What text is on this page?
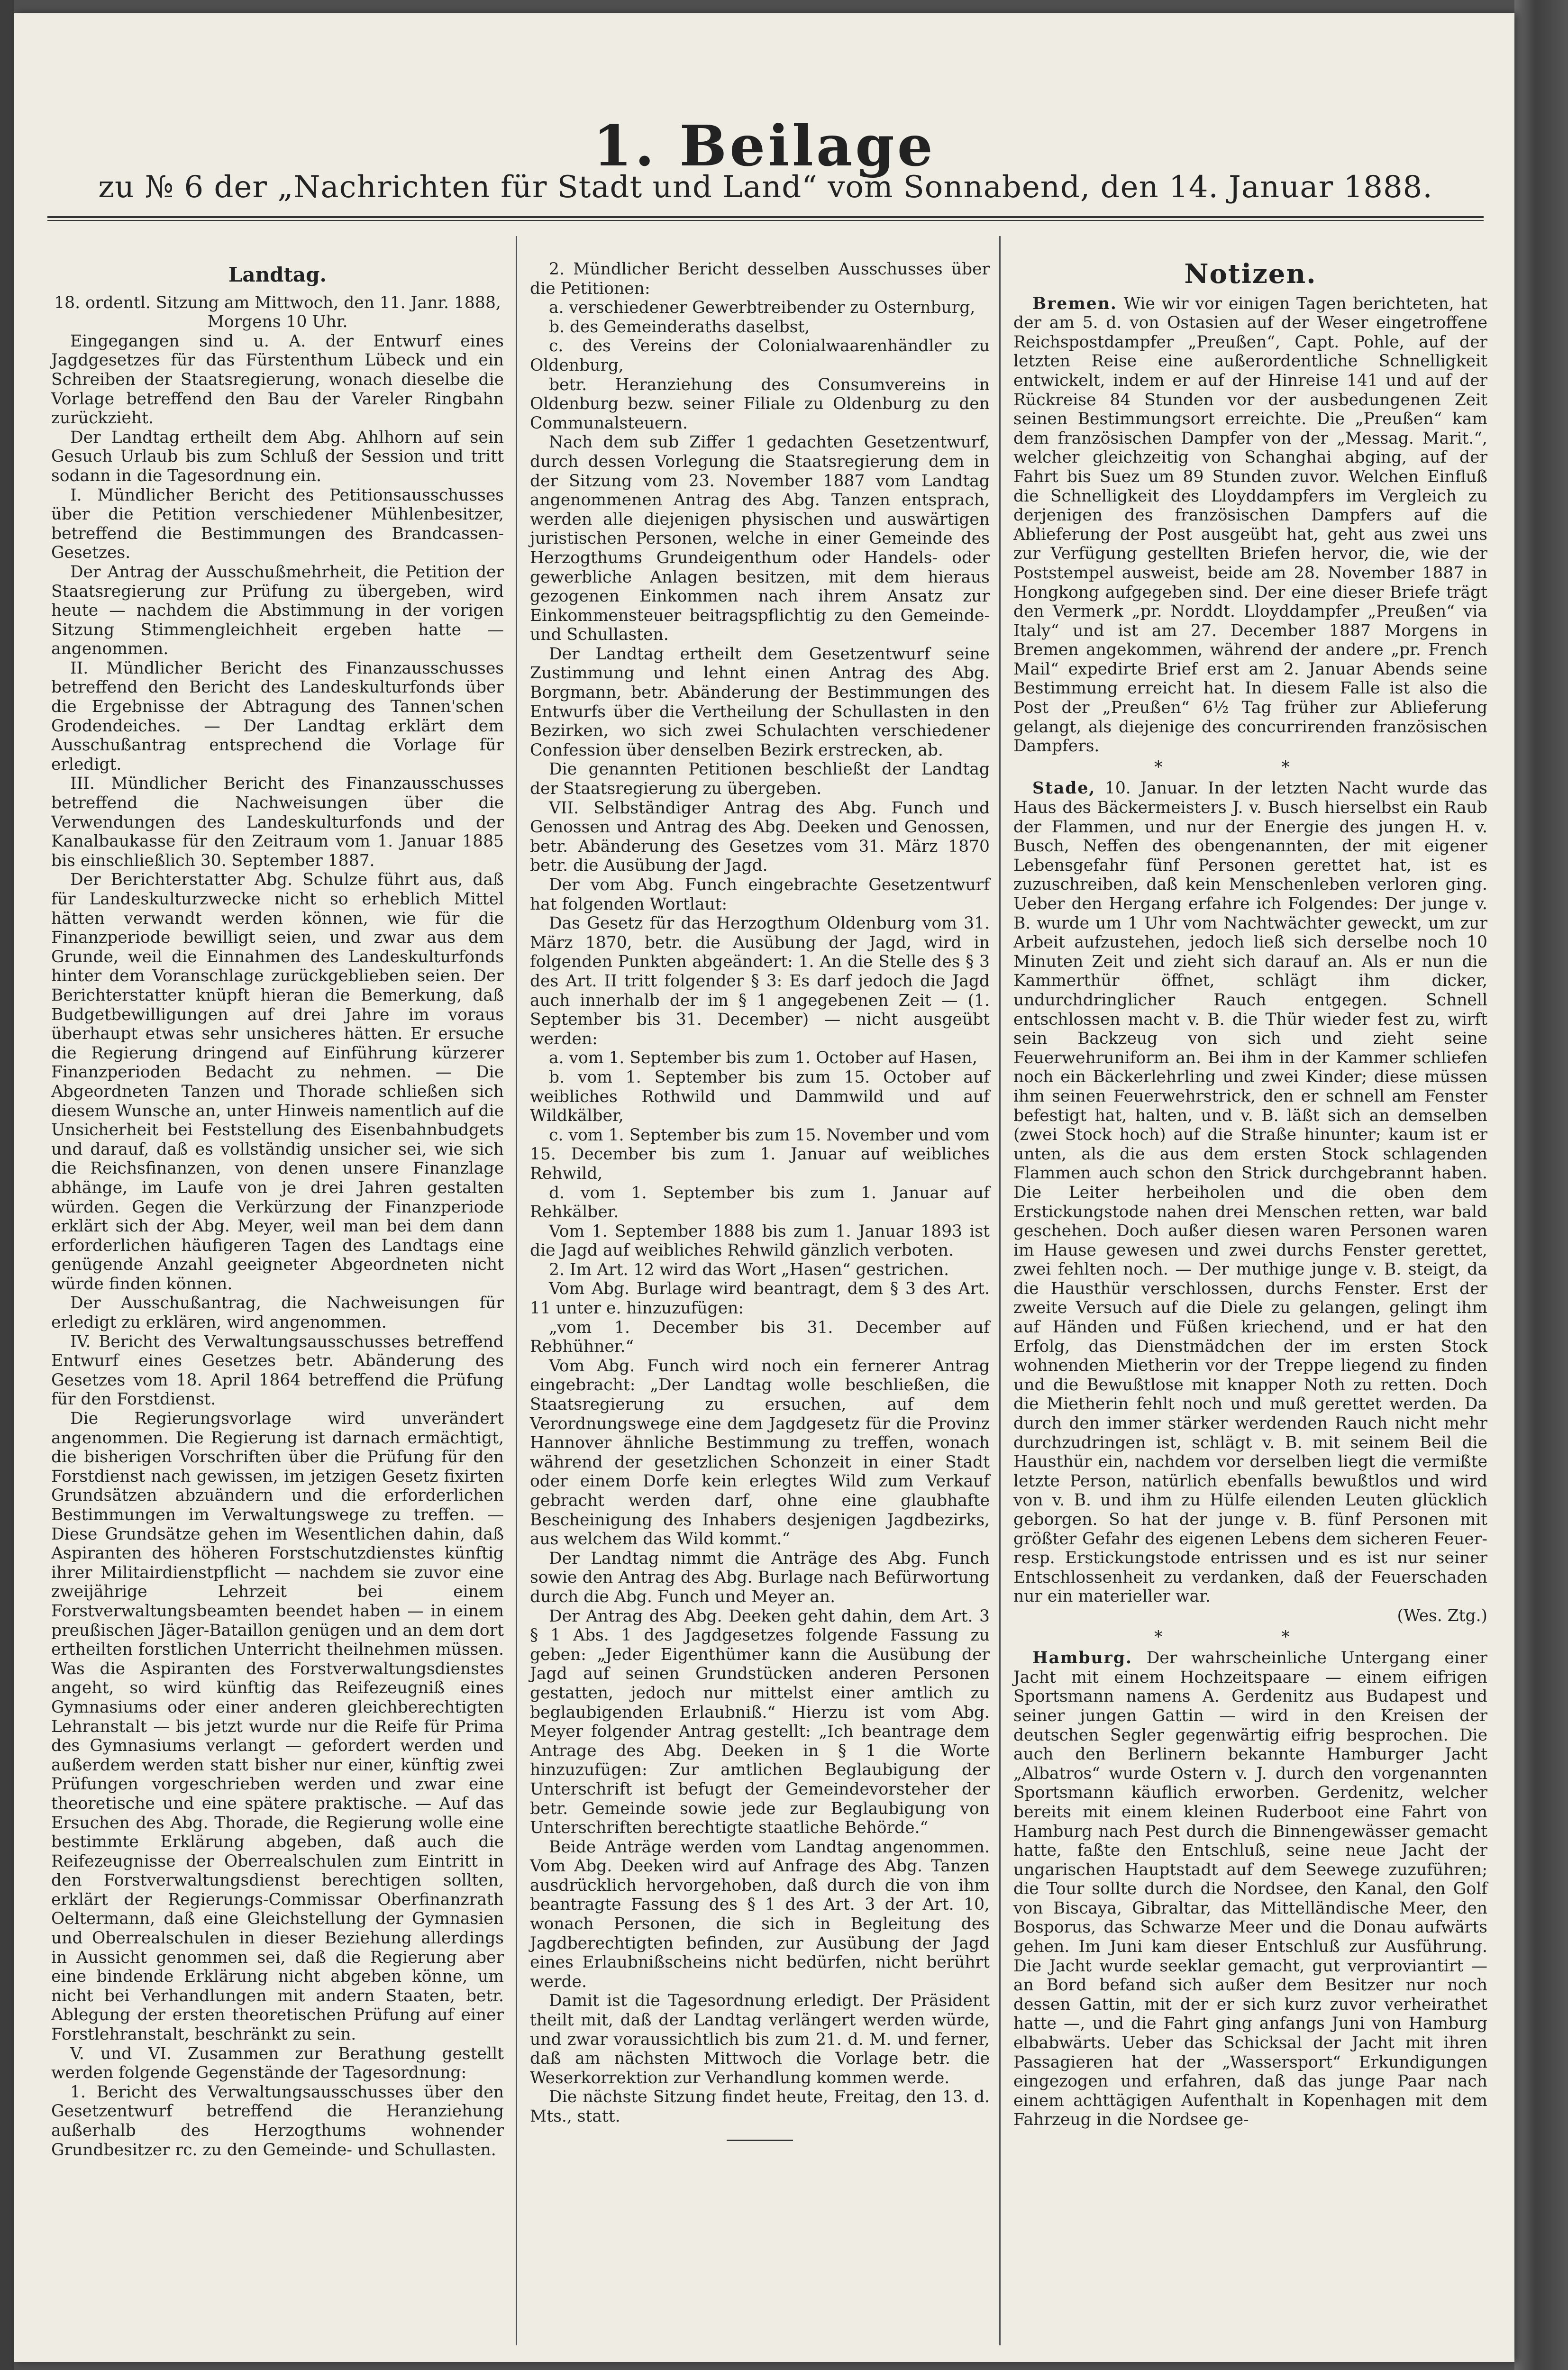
1. Beilage
zu № 6 der „Nachrichten für Stadt und Land“ vom Sonnabend, den 14. Januar 1888.
Landtag.

18. ordentl. Sitzung am Mittwoch, den 11. Janr. 1888, Morgens 10 Uhr.

Eingegangen sind u. A. der Entwurf eines Jagdgesetzes für das Fürstenthum Lübeck und ein Schreiben der Staatsregierung, wonach dieselbe die Vorlage betreffend den Bau der Vareler Ringbahn zurückzieht.

Der Landtag ertheilt dem Abg. Ahlhorn auf sein Gesuch Urlaub bis zum Schluß der Session und tritt sodann in die Tagesordnung ein.

I. Mündlicher Bericht des Petitionsausschusses über die Petition verschiedener Mühlenbesitzer, betreffend die Bestimmungen des Brandcassen-Gesetzes.

Der Antrag der Ausschußmehrheit, die Petition der Staatsregierung zur Prüfung zu übergeben, wird heute — nachdem die Abstimmung in der vorigen Sitzung Stimmengleichheit ergeben hatte — angenommen.

II. Mündlicher Bericht des Finanzausschusses betreffend den Bericht des Landeskulturfonds über die Ergebnisse der Abtragung des Tannen'schen Grodendeiches. — Der Landtag erklärt dem Ausschußantrag entsprechend die Vorlage für erledigt.

III. Mündlicher Bericht des Finanzausschusses betreffend die Nachweisungen über die Verwendungen des Landeskulturfonds und der Kanalbaukasse für den Zeitraum vom 1. Januar 1885 bis einschließlich 30. September 1887.

Der Berichterstatter Abg. Schulze führt aus, daß für Landeskulturzwecke nicht so erheblich Mittel hätten verwandt werden können, wie für die Finanzperiode bewilligt seien, und zwar aus dem Grunde, weil die Einnahmen des Landeskulturfonds hinter dem Voranschlage zurückgeblieben seien. Der Berichterstatter knüpft hieran die Bemerkung, daß Budgetbewilligungen auf drei Jahre im voraus überhaupt etwas sehr unsicheres hätten. Er ersuche die Regierung dringend auf Einführung kürzerer Finanzperioden Bedacht zu nehmen. — Die Abgeordneten Tanzen und Thorade schließen sich diesem Wunsche an, unter Hinweis namentlich auf die Unsicherheit bei Feststellung des Eisenbahnbudgets und darauf, daß es vollständig unsicher sei, wie sich die Reichsfinanzen, von denen unsere Finanzlage abhänge, im Laufe von je drei Jahren gestalten würden. Gegen die Verkürzung der Finanzperiode erklärt sich der Abg. Meyer, weil man bei dem dann erforderlichen häufigeren Tagen des Landtags eine genügende Anzahl geeigneter Abgeordneten nicht würde finden können.

Der Ausschußantrag, die Nachweisungen für erledigt zu erklären, wird angenommen.

IV. Bericht des Verwaltungsausschusses betreffend Entwurf eines Gesetzes betr. Abänderung des Gesetzes vom 18. April 1864 betreffend die Prüfung für den Forstdienst.

Die Regierungsvorlage wird unverändert angenommen. Die Regierung ist darnach ermächtigt, die bisherigen Vorschriften über die Prüfung für den Forstdienst nach gewissen, im jetzigen Gesetz fixirten Grundsätzen abzuändern und die erforderlichen Bestimmungen im Verwaltungswege zu treffen. — Diese Grundsätze gehen im Wesentlichen dahin, daß Aspiranten des höheren Forstschutzdienstes künftig ihrer Militairdienstpflicht — nachdem sie zuvor eine zweijährige Lehrzeit bei einem Forstverwaltungsbeamten beendet haben — in einem preußischen Jäger-Bataillon genügen und an dem dort ertheilten forstlichen Unterricht theilnehmen müssen. Was die Aspiranten des Forstverwaltungsdienstes angeht, so wird künftig das Reifezeugniß eines Gymnasiums oder einer anderen gleichberechtigten Lehranstalt — bis jetzt wurde nur die Reife für Prima des Gymnasiums verlangt — gefordert werden und außerdem werden statt bisher nur einer, künftig zwei Prüfungen vorgeschrieben werden und zwar eine theoretische und eine spätere praktische. — Auf das Ersuchen des Abg. Thorade, die Regierung wolle eine bestimmte Erklärung abgeben, daß auch die Reifezeugnisse der Oberrealschulen zum Eintritt in den Forstverwaltungsdienst berechtigen sollten, erklärt der Regierungs-Commissar Oberfinanzrath Oeltermann, daß eine Gleichstellung der Gymnasien und Oberrealschulen in dieser Beziehung allerdings in Aussicht genommen sei, daß die Regierung aber eine bindende Erklärung nicht abgeben könne, um nicht bei Verhandlungen mit andern Staaten, betr. Ablegung der ersten theoretischen Prüfung auf einer Forstlehranstalt, beschränkt zu sein.

V. und VI. Zusammen zur Berathung gestellt werden folgende Gegenstände der Tagesordnung:

1. Bericht des Verwaltungsausschusses über den Gesetzentwurf betreffend die Heranziehung außerhalb des Herzogthums wohnender Grundbesitzer rc. zu den Gemeinde- und Schullasten.

2. Mündlicher Bericht desselben Ausschusses über die Petitionen:

a. verschiedener Gewerbtreibender zu Osternburg,

b. des Gemeinderaths daselbst,

c. des Vereins der Colonialwaarenhändler zu Oldenburg,

betr. Heranziehung des Consumvereins in Oldenburg bezw. seiner Filiale zu Oldenburg zu den Communalsteuern.

Nach dem sub Ziffer 1 gedachten Gesetzentwurf, durch dessen Vorlegung die Staatsregierung dem in der Sitzung vom 23. November 1887 vom Landtag angenommenen Antrag des Abg. Tanzen entsprach, werden alle diejenigen physischen und auswärtigen juristischen Personen, welche in einer Gemeinde des Herzogthums Grundeigenthum oder Handels- oder gewerbliche Anlagen besitzen, mit dem hieraus gezogenen Einkommen nach ihrem Ansatz zur Einkommensteuer beitragspflichtig zu den Gemeinde- und Schullasten.

Der Landtag ertheilt dem Gesetzentwurf seine Zustimmung und lehnt einen Antrag des Abg. Borgmann, betr. Abänderung der Bestimmungen des Entwurfs über die Vertheilung der Schullasten in den Bezirken, wo sich zwei Schulachten verschiedener Confession über denselben Bezirk erstrecken, ab.

Die genannten Petitionen beschließt der Landtag der Staatsregierung zu übergeben.

VII. Selbständiger Antrag des Abg. Funch und Genossen und Antrag des Abg. Deeken und Genossen, betr. Abänderung des Gesetzes vom 31. März 1870 betr. die Ausübung der Jagd.

Der vom Abg. Funch eingebrachte Gesetzentwurf hat folgenden Wortlaut:

Das Gesetz für das Herzogthum Oldenburg vom 31. März 1870, betr. die Ausübung der Jagd, wird in folgenden Punkten abgeändert: 1. An die Stelle des § 3 des Art. II tritt folgender § 3: Es darf jedoch die Jagd auch innerhalb der im § 1 angegebenen Zeit — (1. September bis 31. December) — nicht ausgeübt werden:

a. vom 1. September bis zum 1. October auf Hasen,

b. vom 1. September bis zum 15. October auf weibliches Rothwild und Dammwild und auf Wildkälber,

c. vom 1. September bis zum 15. November und vom 15. December bis zum 1. Januar auf weibliches Rehwild,

d. vom 1. September bis zum 1. Januar auf Rehkälber.

Vom 1. September 1888 bis zum 1. Januar 1893 ist die Jagd auf weibliches Rehwild gänzlich verboten.

2. Im Art. 12 wird das Wort „Hasen“ gestrichen.

Vom Abg. Burlage wird beantragt, dem § 3 des Art. 11 unter e. hinzuzufügen:

„vom 1. December bis 31. December auf Rebhühner.“

Vom Abg. Funch wird noch ein fernerer Antrag eingebracht: „Der Landtag wolle beschließen, die Staatsregierung zu ersuchen, auf dem Verordnungswege eine dem Jagdgesetz für die Provinz Hannover ähnliche Bestimmung zu treffen, wonach während der gesetzlichen Schonzeit in einer Stadt oder einem Dorfe kein erlegtes Wild zum Verkauf gebracht werden darf, ohne eine glaubhafte Bescheinigung des Inhabers desjenigen Jagdbezirks, aus welchem das Wild kommt.“

Der Landtag nimmt die Anträge des Abg. Funch sowie den Antrag des Abg. Burlage nach Befürwortung durch die Abg. Funch und Meyer an.

Der Antrag des Abg. Deeken geht dahin, dem Art. 3 § 1 Abs. 1 des Jagdgesetzes folgende Fassung zu geben: „Jeder Eigenthümer kann die Ausübung der Jagd auf seinen Grundstücken anderen Personen gestatten, jedoch nur mittelst einer amtlich zu beglaubigenden Erlaubniß.“ Hierzu ist vom Abg. Meyer folgender Antrag gestellt: „Ich beantrage dem Antrage des Abg. Deeken in § 1 die Worte hinzuzufügen: Zur amtlichen Beglaubigung der Unterschrift ist befugt der Gemeindevorsteher der betr. Gemeinde sowie jede zur Beglaubigung von Unterschriften berechtigte staatliche Behörde.“

Beide Anträge werden vom Landtag angenommen. Vom Abg. Deeken wird auf Anfrage des Abg. Tanzen ausdrücklich hervorgehoben, daß durch die von ihm beantragte Fassung des § 1 des Art. 3 der Art. 10, wonach Personen, die sich in Begleitung des Jagdberechtigten befinden, zur Ausübung der Jagd eines Erlaubnißscheins nicht bedürfen, nicht berührt werde.

Damit ist die Tagesordnung erledigt. Der Präsident theilt mit, daß der Landtag verlängert werden würde, und zwar voraussichtlich bis zum 21. d. M. und ferner, daß am nächsten Mittwoch die Vorlage betr. die Weserkorrektion zur Verhandlung kommen werde.

Die nächste Sitzung findet heute, Freitag, den 13. d. Mts., statt.

Notizen.

Bremen. Wie wir vor einigen Tagen berichteten, hat der am 5. d. von Ostasien auf der Weser eingetroffene Reichspostdampfer „Preußen“, Capt. Pohle, auf der letzten Reise eine außerordentliche Schnelligkeit entwickelt, indem er auf der Hinreise 141 und auf der Rückreise 84 Stunden vor der ausbedungenen Zeit seinen Bestimmungsort erreichte. Die „Preußen“ kam dem französischen Dampfer von der „Messag. Marit.“, welcher gleichzeitig von Schanghai abging, auf der Fahrt bis Suez um 89 Stunden zuvor. Welchen Einfluß die Schnelligkeit des Lloyddampfers im Vergleich zu derjenigen des französischen Dampfers auf die Ablieferung der Post ausgeübt hat, geht aus zwei uns zur Verfügung gestellten Briefen hervor, die, wie der Poststempel ausweist, beide am 28. November 1887 in Hongkong aufgegeben sind. Der eine dieser Briefe trägt den Vermerk „pr. Norddt. Lloyddampfer „Preußen“ via Italy“ und ist am 27. December 1887 Morgens in Bremen angekommen, während der andere „pr. French Mail“ expedirte Brief erst am 2. Januar Abends seine Bestimmung erreicht hat. In diesem Falle ist also die Post der „Preußen“ 6½ Tag früher zur Ablieferung gelangt, als diejenige des concurrirenden französischen Dampfers.

* *

Stade, 10. Januar. In der letzten Nacht wurde das Haus des Bäckermeisters J. v. Busch hierselbst ein Raub der Flammen, und nur der Energie des jungen H. v. Busch, Neffen des obengenannten, der mit eigener Lebensgefahr fünf Personen gerettet hat, ist es zuzuschreiben, daß kein Menschenleben verloren ging. Ueber den Hergang erfahre ich Folgendes: Der junge v. B. wurde um 1 Uhr vom Nachtwächter geweckt, um zur Arbeit aufzustehen, jedoch ließ sich derselbe noch 10 Minuten Zeit und zieht sich darauf an. Als er nun die Kammerthür öffnet, schlägt ihm dicker, undurchdringlicher Rauch entgegen. Schnell entschlossen macht v. B. die Thür wieder fest zu, wirft sein Backzeug von sich und zieht seine Feuerwehruniform an. Bei ihm in der Kammer schliefen noch ein Bäckerlehrling und zwei Kinder; diese müssen ihm seinen Feuerwehrstrick, den er schnell am Fenster befestigt hat, halten, und v. B. läßt sich an demselben (zwei Stock hoch) auf die Straße hinunter; kaum ist er unten, als die aus dem ersten Stock schlagenden Flammen auch schon den Strick durchgebrannt haben. Die Leiter herbeiholen und die oben dem Erstickungstode nahen drei Menschen retten, war bald geschehen. Doch außer diesen waren Personen waren im Hause gewesen und zwei durchs Fenster gerettet, zwei fehlten noch. — Der muthige junge v. B. steigt, da die Hausthür verschlossen, durchs Fenster. Erst der zweite Versuch auf die Diele zu gelangen, gelingt ihm auf Händen und Füßen kriechend, und er hat den Erfolg, das Dienstmädchen der im ersten Stock wohnenden Mietherin vor der Treppe liegend zu finden und die Bewußtlose mit knapper Noth zu retten. Doch die Mietherin fehlt noch und muß gerettet werden. Da durch den immer stärker werdenden Rauch nicht mehr durchzudringen ist, schlägt v. B. mit seinem Beil die Hausthür ein, nachdem vor derselben liegt die vermißte letzte Person, natürlich ebenfalls bewußtlos und wird von v. B. und ihm zu Hülfe eilenden Leuten glücklich geborgen. So hat der junge v. B. fünf Personen mit größter Gefahr des eigenen Lebens dem sicheren Feuer- resp. Erstickungstode entrissen und es ist nur seiner Entschlossenheit zu verdanken, daß der Feuerschaden nur ein materieller war.

(Wes. Ztg.)
* *

Hamburg. Der wahrscheinliche Untergang einer Jacht mit einem Hochzeitspaare — einem eifrigen Sportsmann namens A. Gerdenitz aus Budapest und seiner jungen Gattin — wird in den Kreisen der deutschen Segler gegenwärtig eifrig besprochen. Die auch den Berlinern bekannte Hamburger Jacht „Albatros“ wurde Ostern v. J. durch den vorgenannten Sportsmann käuflich erworben. Gerdenitz, welcher bereits mit einem kleinen Ruderboot eine Fahrt von Hamburg nach Pest durch die Binnengewässer gemacht hatte, faßte den Entschluß, seine neue Jacht der ungarischen Hauptstadt auf dem Seewege zuzuführen; die Tour sollte durch die Nordsee, den Kanal, den Golf von Biscaya, Gibraltar, das Mittelländische Meer, den Bosporus, das Schwarze Meer und die Donau aufwärts gehen. Im Juni kam dieser Entschluß zur Ausführung. Die Jacht wurde seeklar gemacht, gut verproviantirt — an Bord befand sich außer dem Besitzer nur noch dessen Gattin, mit der er sich kurz zuvor verheirathet hatte —, und die Fahrt ging anfangs Juni von Hamburg elbabwärts. Ueber das Schicksal der Jacht mit ihren Passagieren hat der „Wassersport“ Erkundigungen eingezogen und erfahren, daß das junge Paar nach einem achttägigen Aufenthalt in Kopenhagen mit dem Fahrzeug in die Nordsee ge-
